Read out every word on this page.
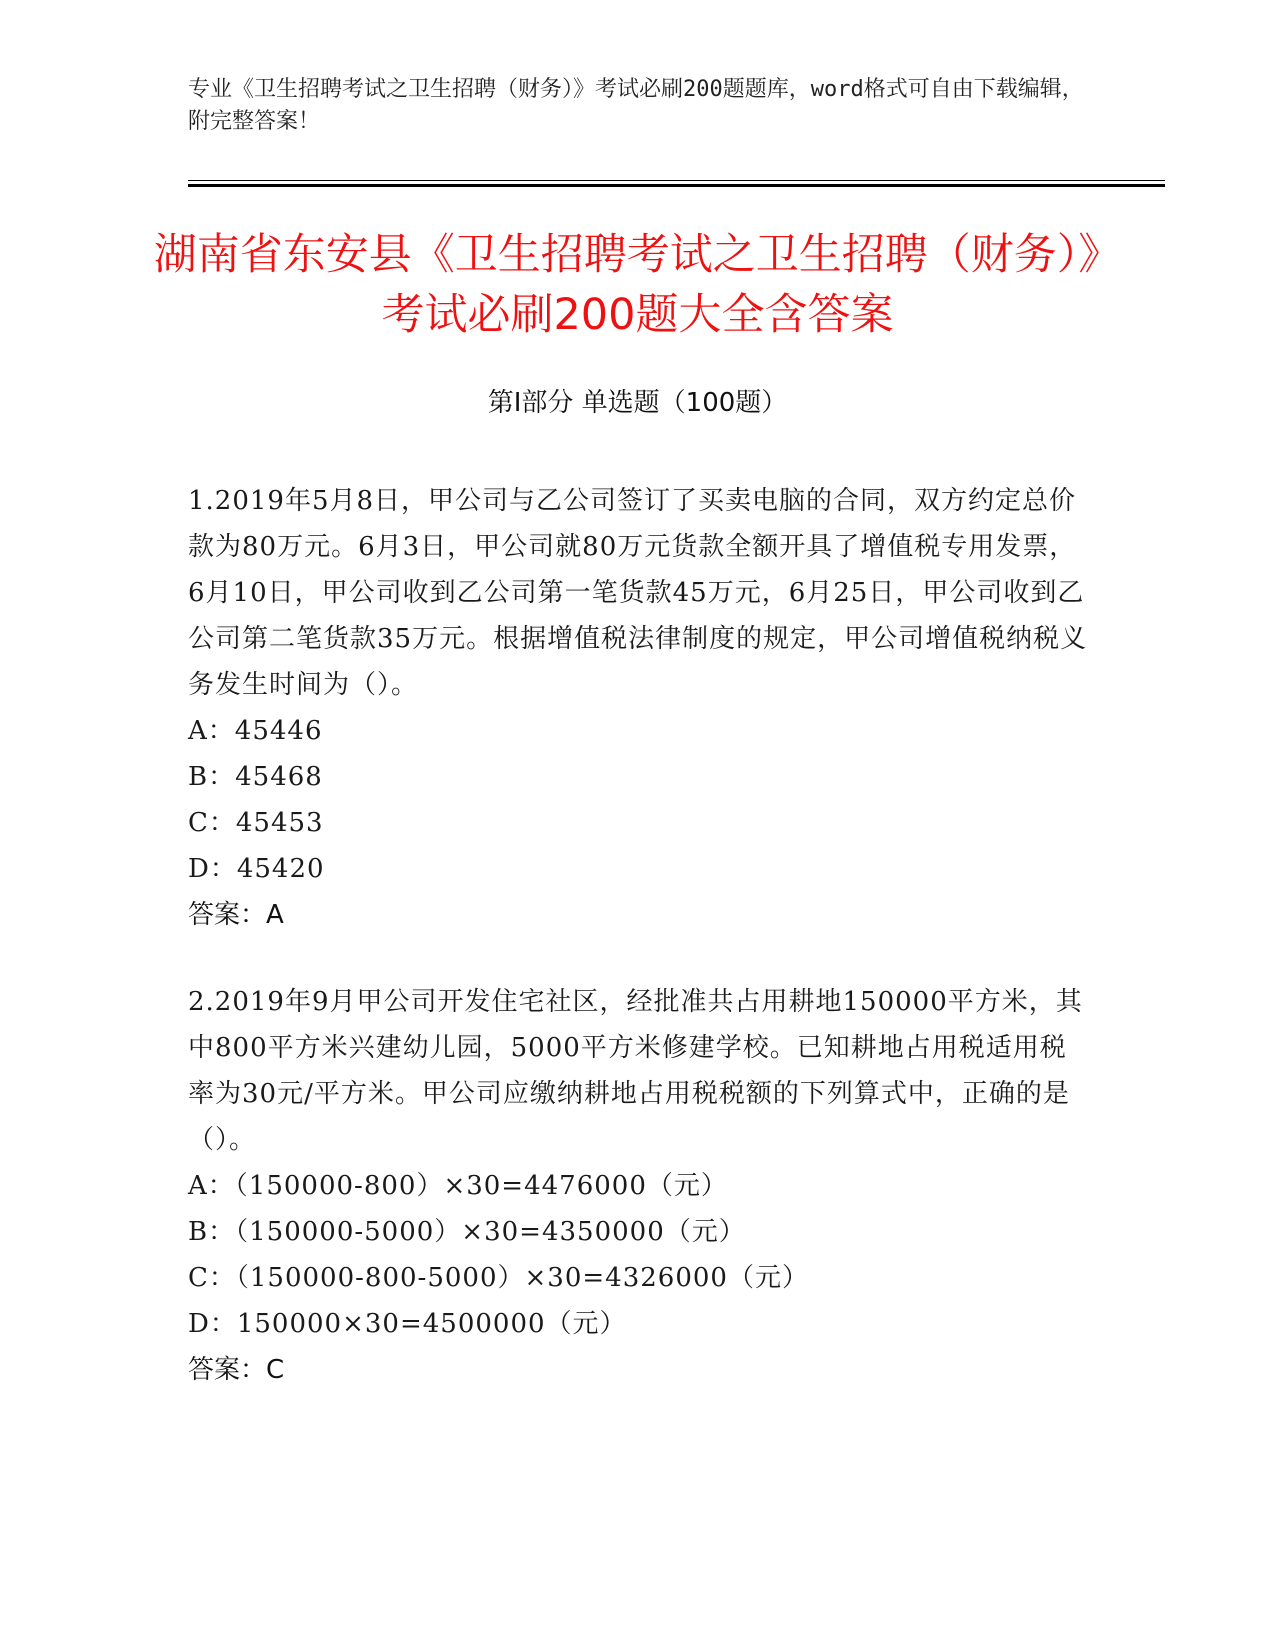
专业《卫生招聘考试之卫生招聘（财务）》考试必刷200题题库，word格式可自由下载编辑，附完整答案！
湖南省东安县《卫生招聘考试之卫生招聘（财务）》考试必刷200题大全含答案
第Ⅰ部分 单选题（100题）

1.2019年5月8日，甲公司与乙公司签订了买卖电脑的合同，双方约定总价款为80万元。6月3日，甲公司就80万元货款全额开具了增值税专用发票，6月10日，甲公司收到乙公司第一笔货款45万元，6月25日，甲公司收到乙公司第二笔货款35万元。根据增值税法律制度的规定，甲公司增值税纳税义务发生时间为（）。

A：45446
B：45468
C：45453
D：45420
答案：A

2.2019年9月甲公司开发住宅社区，经批准共占用耕地150000平方米，其中800平方米兴建幼儿园，5000平方米修建学校。已知耕地占用税适用税率为30元/平方米。甲公司应缴纳耕地占用税税额的下列算式中，正确的是（）。

A：（150000-800）×30=4476000（元）
B：（150000-5000）×30=4350000（元）
C：（150000-800-5000）×30=4326000（元）
D：150000×30=4500000（元）
答案：C
